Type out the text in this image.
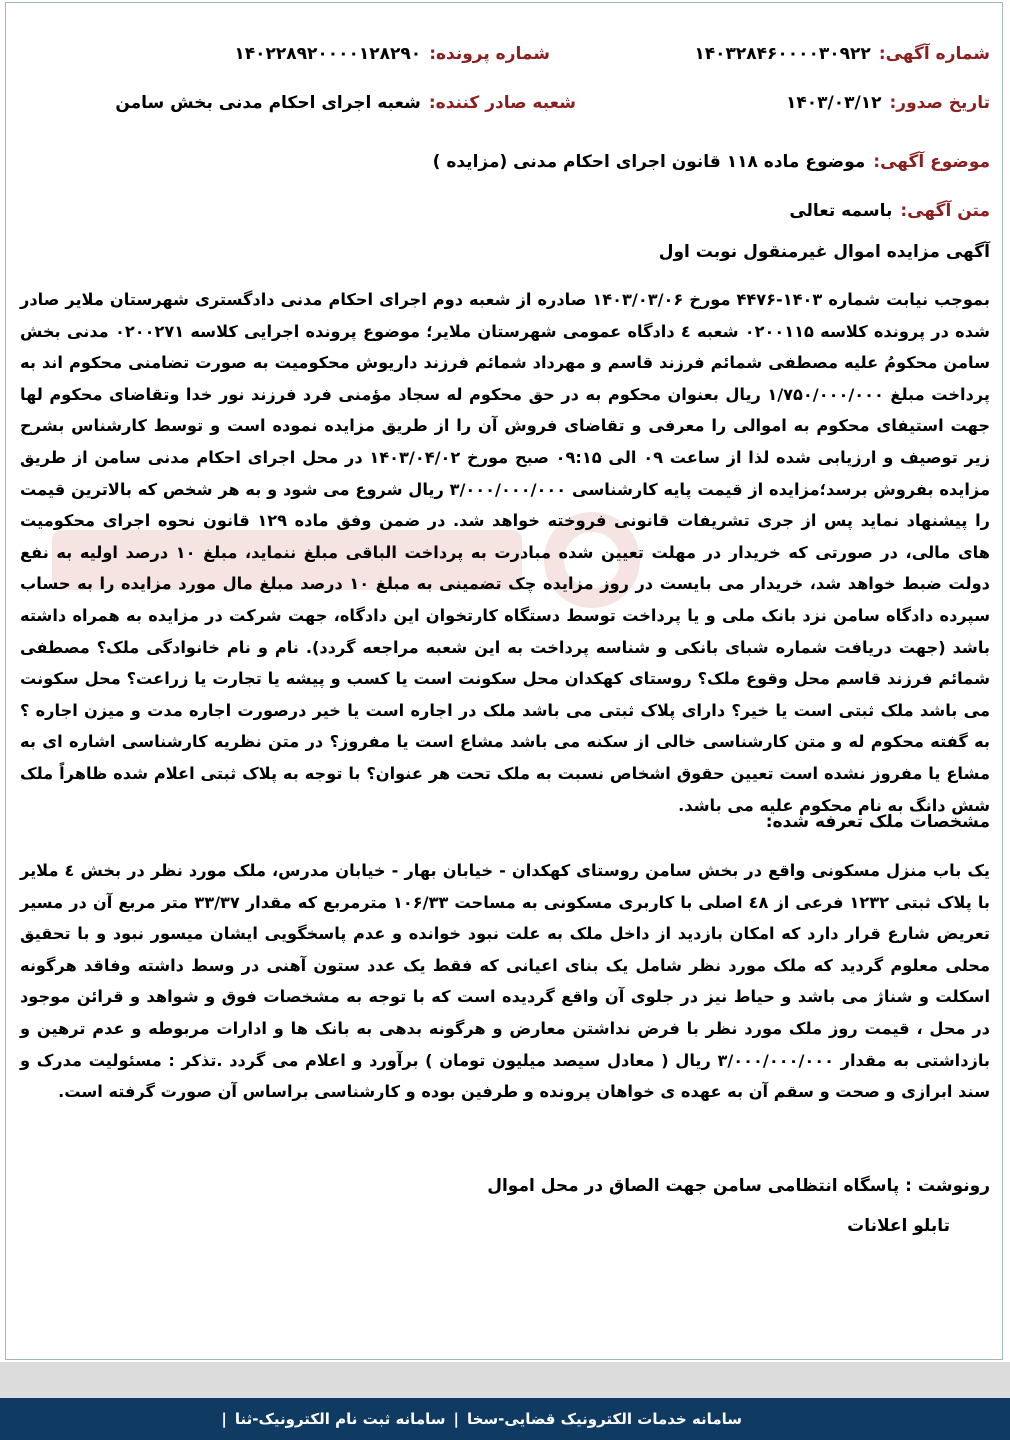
شماره آگهی:
۱۴۰۳۲۸۴۶۰۰۰۰۳۰۹۲۲
شماره پرونده:
۱۴۰۲۲۸۹۲۰۰۰۰۱۲۸۲۹۰
تاریخ صدور:
۱۴۰۳/۰۳/۱۲
شعبه صادر کننده:
شعبه اجرای احکام مدنی بخش سامن
موضوع آگهی:
موضوع ماده ۱۱۸ قانون اجرای احکام مدنی (مزایده )
متن آگهی:
باسمه تعالی
آگهی مزایده اموال غیرمنقول نوبت اول
بموجب نیابت شماره ۱۴۰۳-۴۴۷۶ مورخ ۱۴۰۳/۰۳/۰۶ صادره از شعبه دوم اجرای احکام مدنی دادگستری شهرستان ملایر صادر شده در پرونده کلاسه ۰۲۰۰۱۱۵ شعبه ٤ دادگاه عمومی شهرستان ملایر؛ موضوع پرونده اجرایی کلاسه ۰۲۰۰۲۷۱ مدنی بخش سامن محکومُ علیه مصطفی شمائم فرزند قاسم و مهرداد شمائم فرزند داریوش محکومیت به صورت تضامنی محکوم اند به پرداخت مبلغ ۱/۷۵۰/۰۰۰/۰۰۰ ریال بعنوان محکوم به در حق محکوم له سجاد مؤمنی فرد فرزند نور خدا وتقاضای محکوم لها جهت استیفای محکوم به اموالی را معرفی و تقاضای فروش آن را از طریق مزایده نموده است و توسط کارشناس بشرح زیر توصیف و ارزیابی شده لذا از ساعت ۰۹ الی ۰۹:۱۵ صبح مورخ ۱۴۰۳/۰۴/۰۲ در محل اجرای احکام مدنی سامن از طریق مزایده بفروش برسد؛مزایده از قیمت پایه کارشناسی ۳/۰۰۰/۰۰۰/۰۰۰ ریال شروع می شود و به هر شخص که بالاترین قیمت را پیشنهاد نماید پس از جری تشریفات قانونی فروخته خواهد شد. در ضمن وفق ماده ۱۲۹ قانون نحوه اجرای محکومیت های مالی، در صورتی که خریدار در مهلت تعیین شده مبادرت به پرداخت الباقی مبلغ ننماید، مبلغ ۱۰ درصد اولیه به نفع دولت ضبط خواهد شد، خریدار می بایست در روز مزایده چک تضمینی به مبلغ ۱۰ درصد مبلغ مال مورد مزایده را به حساب سپرده دادگاه سامن نزد بانک ملی و یا پرداخت توسط دستگاه کارتخوان این دادگاه، جهت شرکت در مزایده به همراه داشته باشد (جهت دریافت شماره شبای بانکی و شناسه پرداخت به این شعبه مراجعه گردد). نام و نام خانوادگی ملک؟ مصطفی شمائم فرزند قاسم محل وقوع ملک؟ روستای کهکدان محل سکونت است یا کسب و پیشه یا تجارت یا زراعت؟ محل سکونت می باشد ملک ثبتی است یا خیر؟ دارای پلاک ثبتی می باشد ملک در اجاره است یا خیر درصورت اجاره مدت و میزن اجاره ؟ به گفته محکوم له و متن کارشناسی خالی از سکنه می باشد مشاع است یا مفروز؟ در متن نظریه کارشناسی اشاره ای به مشاع یا مفروز نشده است تعیین حقوق اشخاص نسبت به ملک تحت هر عنوان؟ با توجه به پلاک ثبتی اعلام شده ظاهراً ملک شش دانگ به نام محکوم علیه می باشد.
مشخصات ملک تعرفه شده:
یک باب منزل مسکونی واقع در بخش سامن روستای کهکدان - خیابان بهار - خیابان مدرس، ملک مورد نظر در بخش ٤ ملایر با پلاک ثبتی ۱۲۳۲ فرعی از ٤۸ اصلی با کاربری مسکونی به مساحت ۱۰۶/۳۳ مترمربع که مقدار ۳۳/۳۷ متر مربع آن در مسیر تعریض شارع قرار دارد که امکان بازدید از داخل ملک به علت نبود خوانده و عدم پاسخگویی ایشان میسور نبود و با تحقیق محلی معلوم گردید که ملک مورد نظر شامل یک بنای اعیانی که فقط یک عدد ستون آهنی در وسط داشته وفاقد هرگونه اسکلت و شناژ می باشد و حیاط نیز در جلوی آن واقع گردیده است که با توجه به مشخصات فوق و شواهد و قرائن موجود در محل ، قیمت روز ملک مورد نظر با فرض نداشتن معارض و هرگونه بدهی به بانک ها و ادارات مربوطه و عدم ترهین و بازداشتی به مقدار ۳/۰۰۰/۰۰۰/۰۰۰ ریال ( معادل سیصد میلیون تومان ) برآورد و اعلام می گردد .تذکر : مسئولیت مدرک و سند ابرازی و صحت و سقم آن به عهده ی خواهان پرونده و طرفین بوده و کارشناسی براساس آن صورت گرفته است.
رونوشت : پاسگاه انتظامی سامن جهت الصاق در محل اموال
تابلو اعلانات
سامانه خدمات الکترونیک قضایی-سخا
|
سامانه ثبت نام الکترونیک-ثنا
|
